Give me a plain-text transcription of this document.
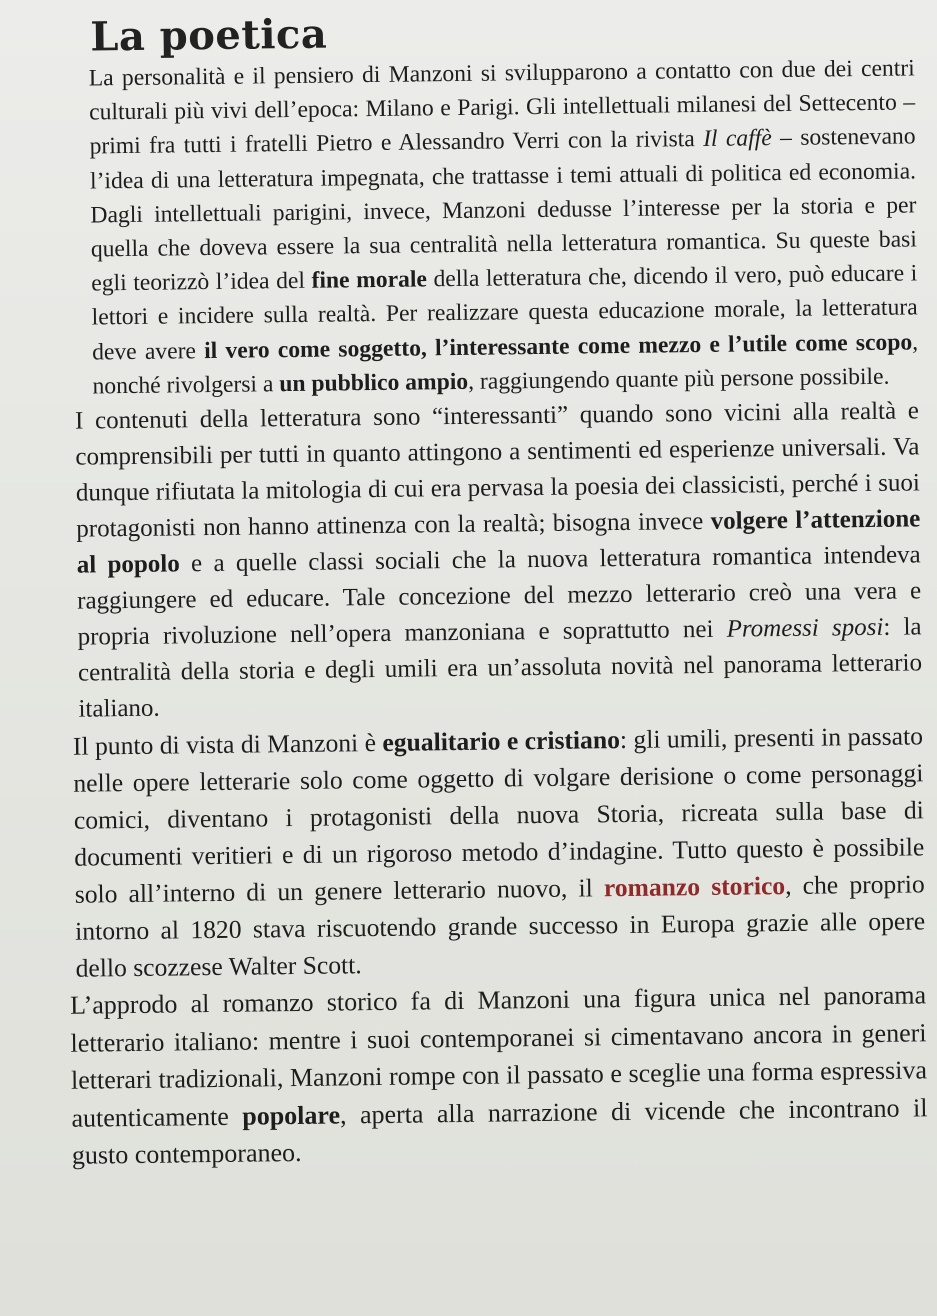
La poetica

La personalità e il pensiero di Manzoni si svilupparono a contatto con due dei centri culturali più vivi dell’epoca: Milano e Parigi. Gli intellettuali milanesi del Settecento – primi fra tutti i fratelli Pietro e Alessandro Verri con la rivista Il caffè – sostenevano l’idea di una letteratura impegnata, che trattasse i temi attuali di politica ed economia. Dagli intellettuali parigini, invece, Manzoni dedusse l’interesse per la storia e per quella che doveva essere la sua centralità nella letteratura romantica. Su queste basi egli teorizzò l’idea del fine morale della letteratura che, dicendo il vero, può educare i lettori e incidere sulla realtà. Per realizzare questa educazione morale, la letteratura deve avere il vero come soggetto, l’interessante come mezzo e l’utile come scopo, nonché rivolgersi a un pubblico ampio, raggiungendo quante più persone possibile.

I contenuti della letteratura sono “interessanti” quando sono vicini alla realtà e comprensibili per tutti in quanto attingono a sentimenti ed esperienze universali. Va dunque rifiutata la mitologia di cui era pervasa la poesia dei classicisti, perché i suoi protagonisti non hanno attinenza con la realtà; bisogna invece volgere l’attenzione al popolo e a quelle classi sociali che la nuova letteratura romantica intendeva raggiungere ed educare. Tale concezione del mezzo letterario creò una vera e propria rivoluzione nell’opera manzoniana e soprattutto nei Promessi sposi: la centralità della storia e degli umili era un’assoluta novità nel panorama letterario italiano.

Il punto di vista di Manzoni è egualitario e cristiano: gli umili, presenti in passato nelle opere letterarie solo come oggetto di volgare derisione o come personaggi comici, diventano i protagonisti della nuova Storia, ricreata sulla base di documenti veritieri e di un rigoroso metodo d’indagine. Tutto questo è possibile solo all’interno di un genere letterario nuovo, il romanzo storico, che proprio intorno al 1820 stava riscuotendo grande successo in Europa grazie alle opere dello scozzese Walter Scott.

L’approdo al romanzo storico fa di Manzoni una figura unica nel panorama letterario italiano: mentre i suoi contemporanei si cimentavano ancora in generi letterari tradizionali, Manzoni rompe con il passato e sceglie una forma espressiva autenticamente popolare, aperta alla narrazione di vicende che incontrano il gusto contemporaneo.
